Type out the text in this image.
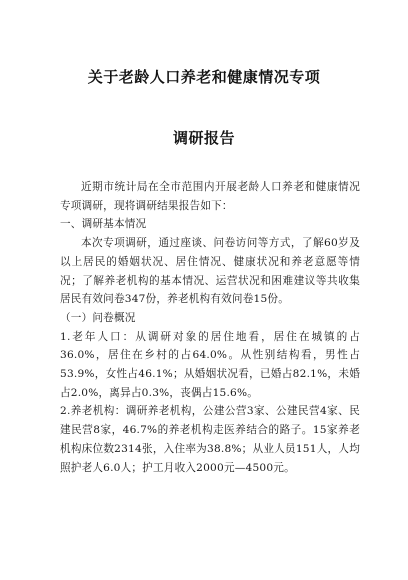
关于老龄人口养老和健康情况专项
调研报告

近期市统计局在全市范围内开展老龄人口养老和健康情况专项调研，现将调研结果报告如下：

一、调研基本情况

本次专项调研，通过座谈、问卷访问等方式，了解60岁及以上居民的婚姻状况、居住情况、健康状况和养老意愿等情况；了解养老机构的基本情况、运营状况和困难建议等共收集居民有效问卷347份，养老机构有效问卷15份。

（一）问卷概况

1.老年人口：从调研对象的居住地看，居住在城镇的占36.0%，居住在乡村的占64.0%。从性别结构看，男性占53.9%，女性占46.1%；从婚姻状况看，已婚占82.1%，未婚占2.0%，离异占0.3%，丧偶占15.6%。

2.养老机构：调研养老机构，公建公营3家、公建民营4家、民建民营8家，46.7%的养老机构走医养结合的路子。15家养老机构床位数2314张，入住率为38.8%；从业人员151人，人均照护老人6.0人；护工月收入2000元—4500元。
